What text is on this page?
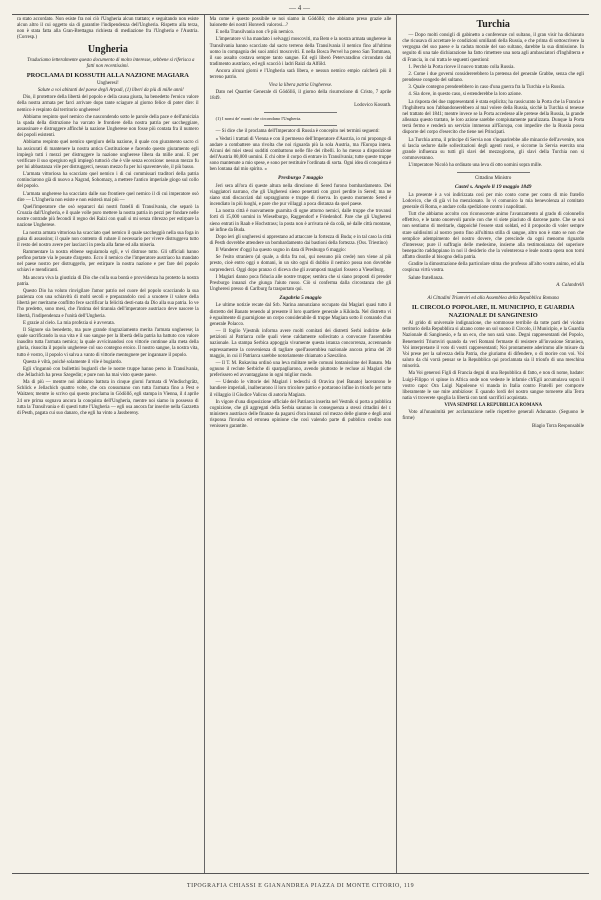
— 4 —

ra stato accordato. Non esiste fra noi ciò l'Ungheria alcun trattato; e seguitando non esiste alcun altro il cui oggetto sia di garantire l'indipendenza dell'Ungheria. Rispetto alla terza, non è stata fatta alla Gran-Brettagna richiesta di mediazione fra l'Ungheria e l'Austria. (Corresp.)

Ungheria

Traduciamo letteralmente questo documento di molto interesse, sebbene si riferisca a fatti non recentissimi.

PROCLAMA DI KOSSUTH ALLA NAZIONE MAGIARA

Ungheresi!

Salute a voi abitanti del paese degli Arpadi, (1) liberi da più di mille anni!

Dio, il protettore della libertà del popolo e della causa giusta, ha benedetto l'eroico valore della nostra armata per farci arrivare dopo tante sciagure al giorno felice di poter dire: il nemico è respinto dal territorio ungherese!

Abbiamo respinto quel nemico che nascondendo sotto le parole della pace e dell'amicizia la spada della distruzione ha varcato le frontiere della nostra patria per saccheggiare, assassinare e distruggere affinchè la nazione Ungherese non fosse più contata fra il numero dei popoli esistenti.

Abbiamo respinto quel nemico spergiuro della nazione, il quale con giuramento sacro ci ha assicurati di mantenere la nostra antica Costituzione e facendo questo giuramento egli impiegò tutti i mezzi per distruggere la nazione ungherese libera da mille anni. E per verificare il suo spergiuro egli impiegò tuttociò che è vile senza eccezione: nessun mezzo fu per lui abbastanza vile per distruggerci, nessun mezzo fu per lui spaventevole, il più basso.

L'armata vittoriosa ha scacciato quel nemico i di cui commissari traditori della patria cominciarono già di nuovo a Nagrad, Sohomazy, a mettere l'antico imperiale giogo sul collo del popolo.

L'armata ungherese ha scacciato dalle suo frontiere quel nemico il di cui imperatore osò dire — L'Ungheria non esiste e non esisterà mai più —

Quell'imperatore che osò separarci dai nostri fratelli di Transilvania, che separò la Croazia dall'Ungheria, e il quale volle puro mettere la nostra patria in pezzi per fondare nelle nostre contrade più fecondi il regno dei Raizi con quali si mi senza ribrezzo per estirpare la nazione Ungherese.

La nostra armata vittoriosa ha scacciato quel nemico il quale saccheggiò nella sua foga in guisa di assassino; il quale non contento di rubare il necessario per vivere distruggeva tutto il resto del nostro avere per lasciarci in preda alla fame ed alla miseria.

Rammentare la nostra ebbene seguiamola egli, e vi distruse tutto. Gli ufficiali hanno perfino portate via le posate d'argento. Ecco il nemico che l'imperatore austriaco ha mandato nel paese nostro per distruggerlo, per estirpare la nostra nazione e per fare del popolo schiavi e mendicanti.

Ma ancora viva la giustizia di Dio che colla sua bontà e provvidenza ha protetto la nostra patria.

Questo Dio ha voluto rinvigilare l'amor patrio nel cuore del popolo scacciando la sua pazienza con una schiavitù di molti secoli e preparandolo così a scuotere il valore della libertà per meritarne conflitto fece sacrificar la felicità desti-nata da Dio alla sua patria. Io ve l'ho predetto, sono mesi, che l'intima del tirannia dell'imperatore austriaco deve nascere la libertà, l'indipendenza e l'unità dell'Ungheria.

E grazie al cielo. La mia profezia si è avverata.

Il Signore sia benedetto, ma pure grande ringraziamento merita l'armata ungherese; la quale sacrificando la sua vita e il suo sangue per la libertà della patria ha battuto con valore inaudito tutta l'armata nemica; la quale avvicinandosi con vittorie continue alla meta della gloria, risuscita il popolo ungherese col suo contegno eroico. Il nostro sangue, la nostra vita, tutto è vostro, il popolo vi salva a vanto di vittorie mentognere per ingannare il popolo.

Questa è viltà, poichè solamente il vile è bugiardo.

Egli s'ingannò con bullettini bugiardi che le nostre truppe hanno perso in Transilvania, che Jellachich ha preso Szegedin; e pure non ha mai visto queste paese.

Ma di più — mentre noi abbiamo battuta in cinque giorni l'armata di Windischgrätz, Schlick e Jellachich quattro volte, che ora consumano con tutta l'armata fino a Pest e Waitzen; mentre io scrivo qui questo proclama in Gödöllő, egli stampa in Vienna, il 4 aprile 24 ore prima sognava ancora la conquista dell'Ungheria, mentre noi siamo in possesso di tutta la Transilvania e di questi tutte l'Ungheria — egli osa ancora far inserire nella Gazzetta di Pesth, pagata cui suo danaro, che egli ha vinto a Jassbereny.

Ma come è questo possibile se noi siamo in Gödöllő; che abbiamo preso grazie alle baionette dei nostri Honvedi valorosi...?

E nella Transilvania non c'è più nemico.

L'imperatore vi ha mandato i selvaggi moscoviti, ma Bem e la nostra armata ungherese in Transilvania hanno scacciato dal sacro terreno della Transilvania il nemico fino all'ultimo uomo in compagnia dei suoi amici moscoviti. E nella Bosca Pervel ha preso San Tommaso, il suo assalto costava sempre tanto sangue. Ed egli liberò Petervaradino circondato dal tradimento austriaco, ed egli scacciò i ladri Raizi da Alföld.

Ancora alcuni giorni e l'Ungheria sarà libera, e nessun nemico empio calcherà più il terreno patrio.

Viva la libera patria Ungherese.

Dato nel Quartier Generale di Gödöllő, il giorno della risurrezione di Cristo, 7 aprile 1849.

Lodovico Kossuth.

(1) I nomi de' monti che circondano l'Ungheria.

— Si dice che il proclama dell'Imperator di Russia è concepito nei termini seguenti:

« Veduti i trattati di Vienna e con il permesso dell'Imperatore d'Austria, io mi propongo di andare a combattere una rivolta che noi riguarda più la sola Austria, ma l'Europa intera. Alcuni dei miei stessi sudditi combattono nelle file dei ribelli. Io ho messo a disposizione dell'Austria 80,000 uomini. E chi oltre il corpo di entrare in Transilvania; tutte queste truppe sono mantenute a mio spese, e sono per restituire l'ordinata di sorta. Ogni idea di conquista è ben lontana dal mio spirito. »

Presburgo 7 maggio

Jeri sera all'ora di queste altura nella direzione di Sered furono bombardamento. Dei viaggiatori narrano, che gli Ungheresi sieno penetrati con gravi perdite in Sered; ma ne siano stati discacciati dal sopraggiunto e truppe di riserva. In questo momento Sered è incendiato in più luoghi, e pare che pur villaggi a poca distanza da quel paese.

La nostra città è nuovamente guarnita di ogne attorno nemici, dalle truppe che trovansi forti di 15,000 uomini in Wieselburgo, Raggendorf e Friedenhof. Pare che gli Ungheresi sieno entrati in Raab e Hochstrass; la posta non è arrivata nè da colà, nè dalle città montane, nè infine da Buda.

Dopo ieri gli ungheresi si apprestano ad attaccare la fortezza di Buda; e in tal caso la città di Pesth dovrebbe attendere un bombardamento dai bastioni della fortezza. (Oss. Triestino)

Il Wanderer d'oggi ha questo sogno in data di Presburgo 6 maggio:

Se l'esito straniero (al quale, a dirla fra noi, qui nessuno più crede) non viene al più presto, cioè entro oggi o domani, in un sito ogni di dubbio il nemico possa non dovrebbe sorprenderci. Oggi dopo pranzo ci diceva che gli avamposti magiari fossero a Vieselburg.

I Magiari danno poca fiducia alle nostre truppe; sembra che si siano proposti di prender Presburgo innanzi che giunga l'aiuto russo. Ciò si conferma dalla circostanza che gli Ungheresi presso di Carlburg fa trasportato qui.

Zagabria 5 maggio

Le ultime notizie recate dal Srb. Narina annunziano occupato dai Magiari quasi tutto il distretto del Banato tenendo al presente il loro quartiere generale a Kikinda. Nel distretto vi è egualmente di guarnigione un corpo considerabile di truppe Magiara sotto il comando d'un generale Polacco.

— Il foglio Vjestnik informa avere molti comitati dei distretti Serbi indiritte delle petizioni al Patriarca colle quali viene caldamente sollecitato a convocare l'assemblea nazionale. La stampa Serbica appoggia vivamente questa istanza concorrenza, accennando espressamente la convenienza di tagliare quell'assemblea nazionale ancora prima del 20 maggio, in cui il Patriarca sarebbe notoriamente chiamato a Szeszlino.

— Il T. M. Rukavina ordinò una leva militare nelle comuni lontanissime del Banato. Ma ognuno il reclute Serbiche di sparpagliarono, avendo piuttosto le recluse ai Magiari che preferissero ed avvantaggiano in ogni miglior modo.

— Udendo le vittorie dei Magiari i tedeschi di Oravica (nel Banato) lacerarono le bandiere imperiali, inalberarono il loro tricolore patrio e portarono infine in trionfo per tutto il villaggio il Giudice Valicus di autoria Magiara.

In vigore d'una disposizione ufficiale del Patriarca inserita nel Vestnik si porta a pubblica cognizione, che gli aggregati della Serbia saranno in conseguenza a stessi cittadini del r. ministero austriaco delle finanze da pagarsi d'ora innanzi col mezzo delle giunte e degli anni risponsa l'invalsa ed erronea opinione che così valendo parte di pubblico credito non venissero garantite.

Turchia

— Dopo molti consigli di gabinetto a conferenze col sultano, il gran visir ha dichiarato che ricusava di accettare le condizioni umilianti della Russia, e che prima di sottoscrivere la vergogna del suo paese e la caduta morale del suo sultano, darebbe la sua dimissione. In seguito di una tale dichiarazione ha fatto rimettere una nota agli ambasciatori d'Inghilterra e di Francia, in cui tratta le seguenti questioni:

1. Perchè la Porta riceve il nuovo trattato colla Russia.

2. Come i due governi considererebbero la pretensa del generale Grabbe, senza che egli prendesse congedo del sultano.

3. Quale contegno prenderebbero in caso d'una guerra fra la Turchia e la Russia.

4. Sia dove, in questo caso, si estenderebbe la loro azione.

La risposta dei due rappresentanti è stata esplicita; ha rassicurato la Porta che la Francia e l'Inghilterra non l'abbandonerebbero al mal volere della Russia, sicchè la Turchia si tenesse nel trattato del 1841; mentre invece se la Porta accedesse alle pretese della Russia, la grande alleanza questo trattato, le loro azione sarebbe compiutamente paralizzata. Dunque la Porta terrà fermo e renderà un servizio immenso all'Europa, con impedire che la Russia possa disporre del corpo d'esercito che tiene nei Principati.

La Turchia arma, il principe di Servia non s'inquarirebbe alle minaccie dell'avvenire, non si lascia sedurre dalle sollecitazioni degli agenti russi, e siccome la Servia esercita una grande influenza su tutti gli slavi del mezzogiorno, gli slavi della Turchia non si commoveranno.

L'imperatore Nicolò ha ordinato una leva di otto uomini sopra mille.

Cittadino Ministro

Castel s. Angelo li 19 maggio 1849

La presente è a voi indirizzata così per mio conto come per conto di mio fratello Lodovico, che di già vi ho menzionato. Io vi comunico la mia benevolenza al comitato generale di Roma, e andare colla spedizione contro i napolitani.

Tutt che abbiamo accolto con riconoscente animo l'avanzamento al grado di colonnello effettivo, e le tanto onorevoli parole con che vi siete piaciuto di darcene parte. Che se noi non sentiamo di meritarle, dappoichè l'essere stati soldati, ed il proposito di voler sempre stare saldissimi al nostro posto fino all'ultima stilla di sangue, altro non è stato se non che semplice adempimento del nostro dovere, che prescinde da ogni menomo riguardo d'interesse; pure il suffragio delle medesime, insieme alla testimonianza del superiore benepacito raddoppiano in noi il desiderio che la volenterosa e leale nostra opera non torni affatto disutile al bisogno della patria.

Gradite la dimostrazione della particolare stima che professo all'alto vostro animo, ed alla cospicua virtù vostra.

Salute fratellanza.

A. Calandrelli

Ai Cittadini Triumviri ed alla Assemblea della Repubblica Romana

IL CIRCOLO POPOLARE, IL MUNICIPIO, E GUARDIA NAZIONALE DI SANGINESIO

Al grido di universale indignazione, che sommosse terribile da tutte parti del violato territorio della Repubblica si alzano come un sol suono il Circolo, il Municipio, e la Guardia Nazionale di Sanginesio, e fa un eco, che non sarà vano. Degni rappresentanti del Popolo, Benemeriti Triumviri quando da veri Romani fermaste di resistere all'invasione Straniera, Voi interpretaste il voto di vostri rappresentanti; Noi prontamente aderimmo alle misure da Voi prese per la salvezza della Patria, che giuriamo di difendere, o di morire con voi. Voi saluto da chi vorrà pensar se la Repubblica qui proclamata sia il trionfo di una meschina minorità.

Ma Voi generosi Figli di Francia degni di una Repubblica di fatto, e non di nome, badate: Luigi-Filippo vi spinse in Africa onde non vedeste le infamie ch'Egli accumulava sopra il vostro capo: Ora Luigi Napoleone vi manda in Italia contro Fratelli per comporre liberamente le sue mire ambiziose: E quando lordi del nostro sangue tornerete alla Terra natia vi troverete spoglia la libertà con tanti sacrificii acquistata.

VIVA SEMPRE LA REPUBBLICA ROMANA

Voto all'unanimità per acclamazione nelle rispettive generali Adunanze. (Seguono le firme)

Biagio Torra Responsabile

TIPOGRAFIA CHIASSI E GIANANDREA PIAZZA DI MONTE CITORIO, 119
